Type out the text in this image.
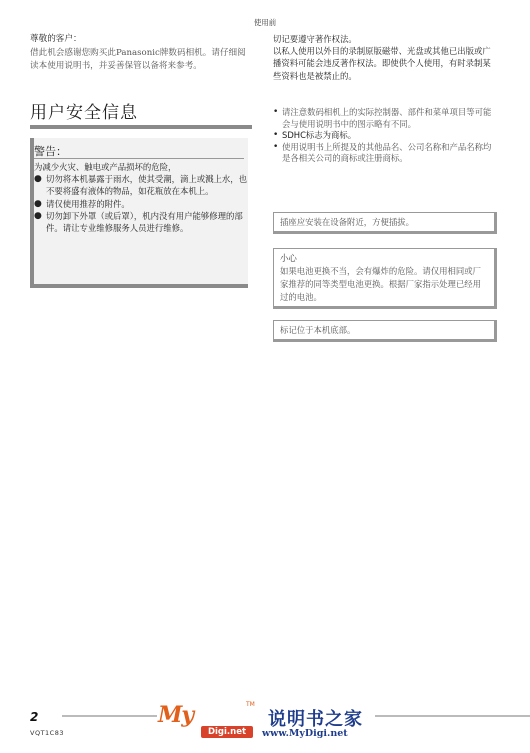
使用前
尊敬的客户：
借此机会感谢您购买此Panasonic牌数码相机。请仔细阅读本使用说明书，并妥善保管以备将来参考。
用户安全信息
警告：
为减少火灾、触电或产品损坏的危险，
● 切勿将本机暴露于雨水，使其受潮，滴上或溅上水，也不要将盛有液体的物品，如花瓶放在本机上。
● 请仅使用推荐的附件。
● 切勿卸下外罩（或后罩），机内没有用户能够修理的部件。请让专业维修服务人员进行维修。
切记要遵守著作权法。
以私人使用以外目的录制原版磁带、光盘或其他已出版或广播资料可能会违反著作权法。即使供个人使用，有时录制某些资料也是被禁止的。
• 请注意数码相机上的实际控制器、部件和菜单项目等可能会与使用说明书中的图示略有不同。
• SDHC标志为商标。
• 使用说明书上所提及的其他品名、公司名称和产品名称均是各相关公司的商标或注册商标。
插座应安装在设备附近，方便插拔。
小心
如果电池更换不当，会有爆炸的危险。请仅用相同或厂家推荐的同等类型电池更换。根据厂家指示处理已经用过的电池。
标记位于本机底部。
2
VQT1C83
My	TM
Digi.net
说明书之家
www.MyDigi.net
